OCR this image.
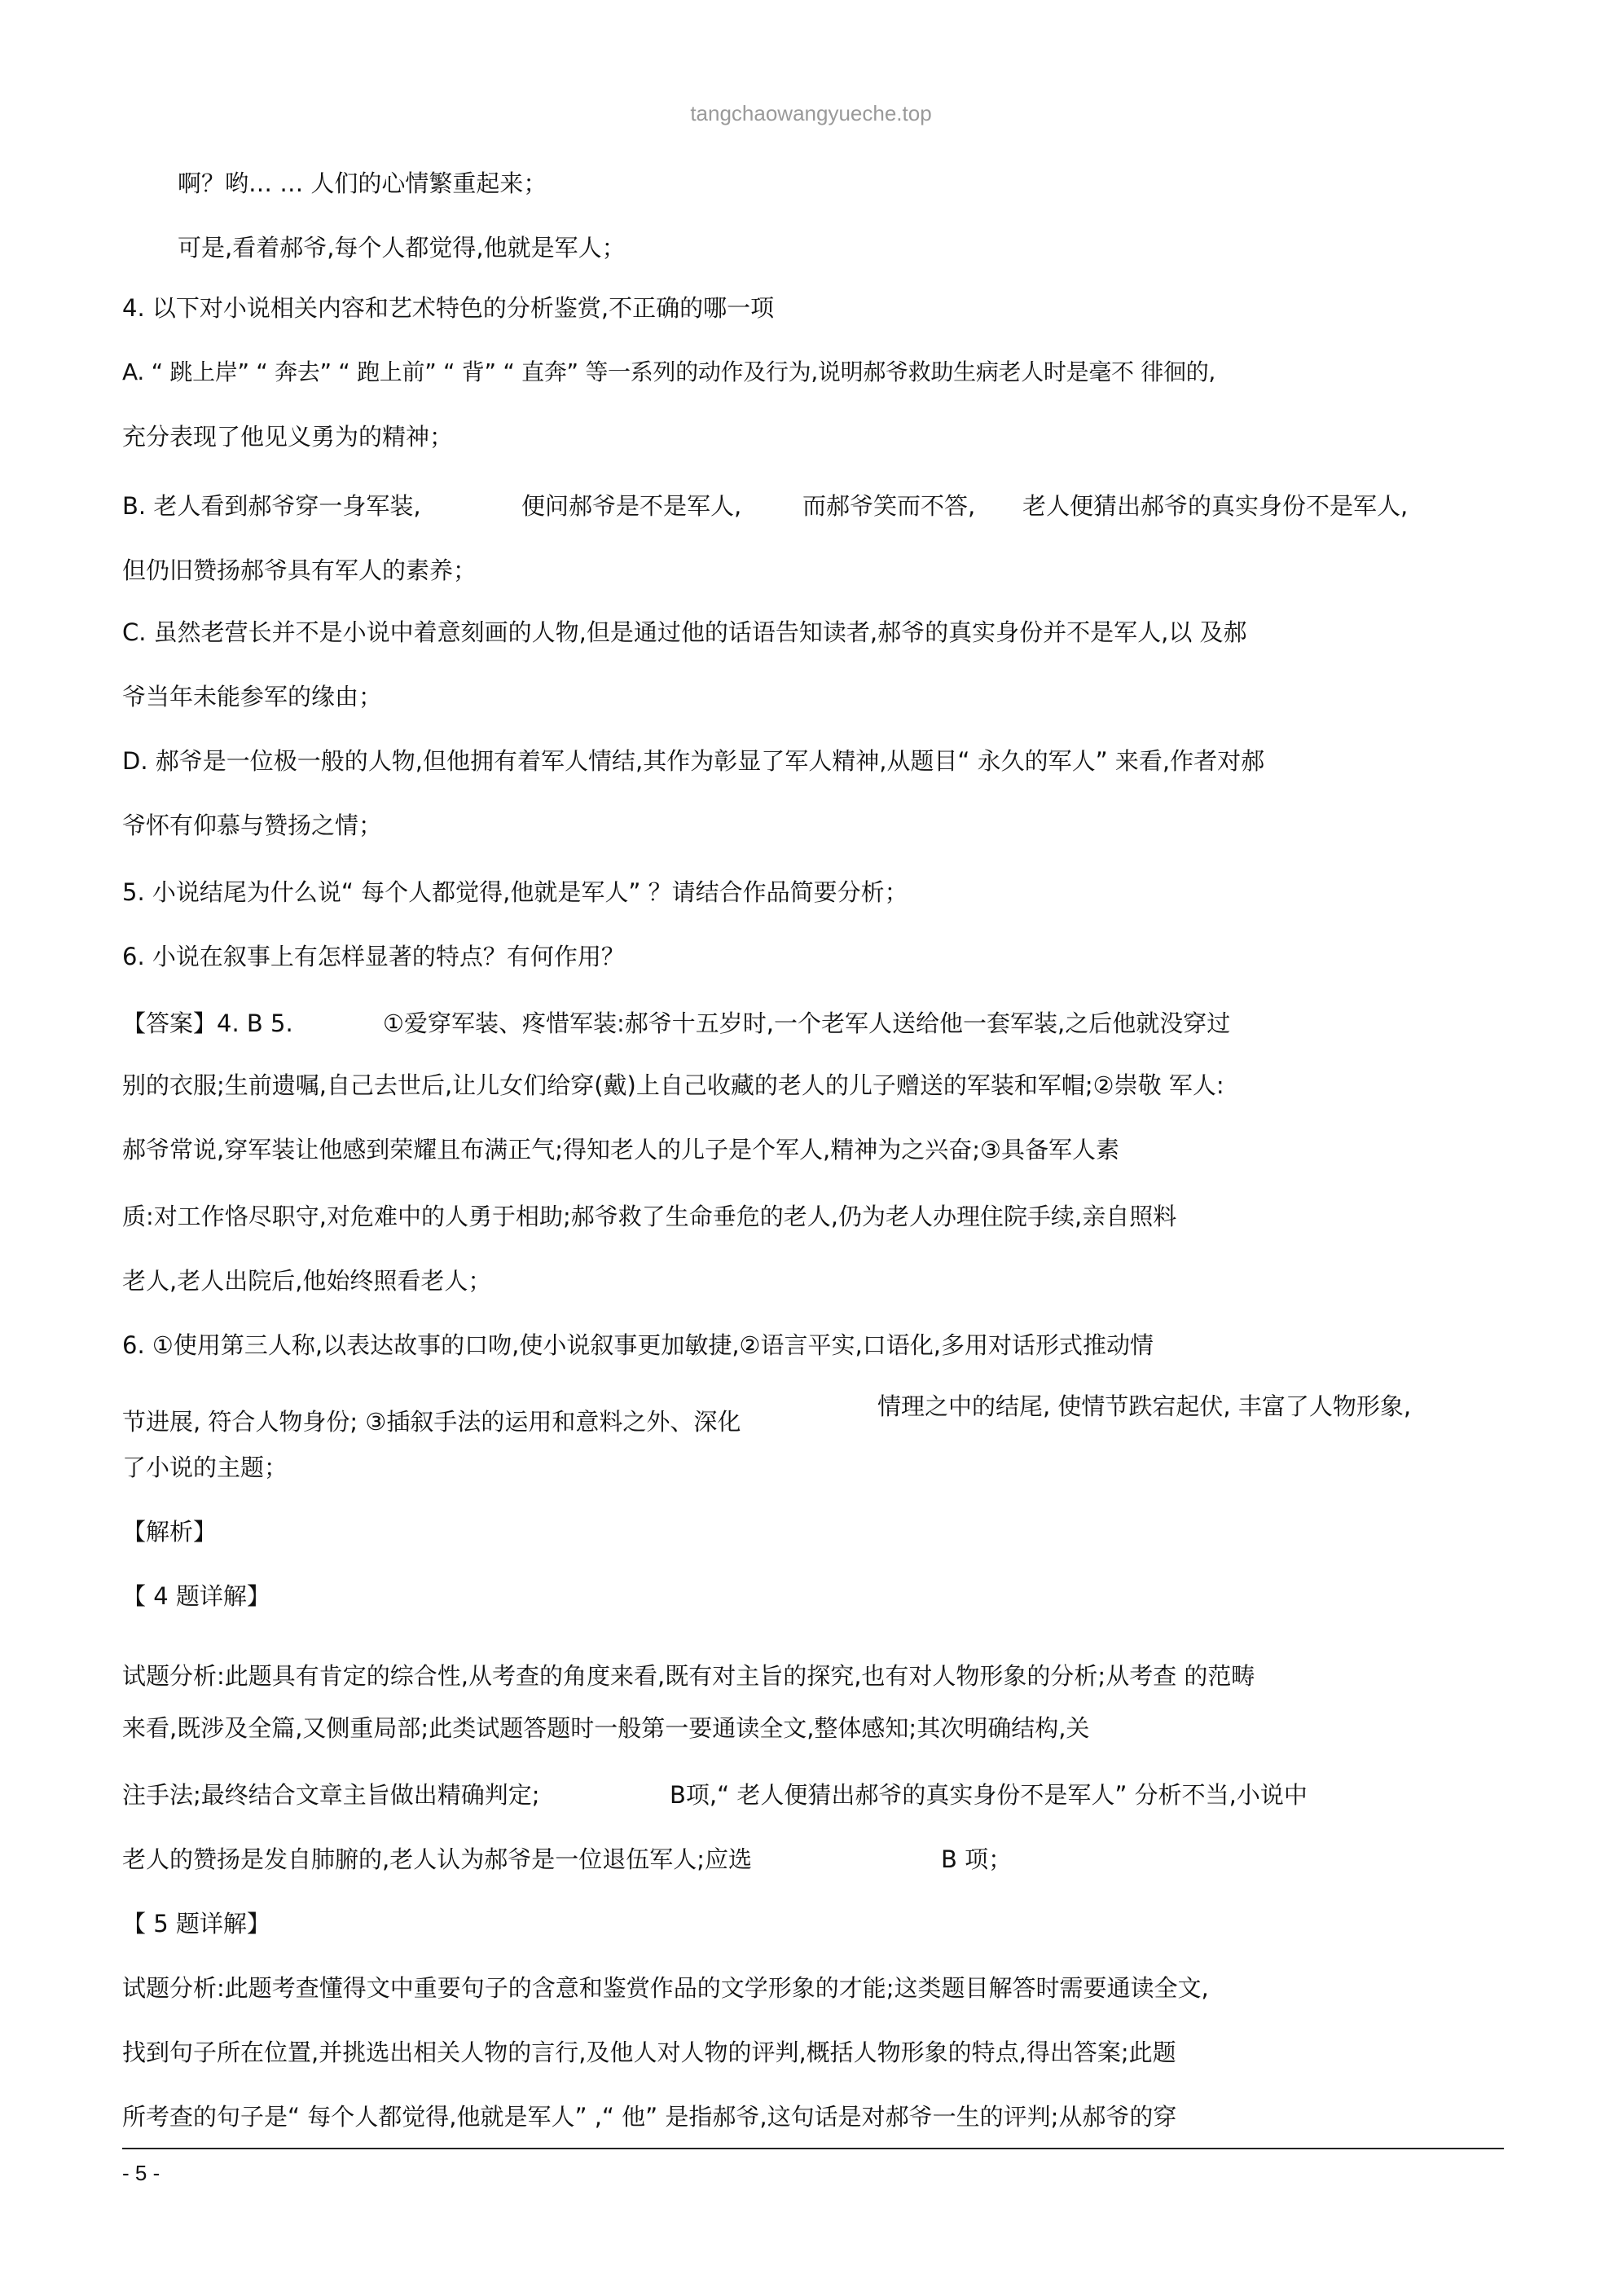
tangchaowangyueche.top
啊？哟… … 人们的心情繁重起来；
可是,看着郝爷,每个人都觉得,他就是军人；
4. 以下对小说相关内容和艺术特色的分析鉴赏,不正确的哪一项
A. “ 跳上岸” “ 奔去” “ 跑上前” “ 背” “ 直奔” 等一系列的动作及行为,说明郝爷救助生病老人时是毫不 徘徊的,
充分表现了他见义勇为的精神；
B. 老人看到郝爷穿一身军装,	便问郝爷是不是军人,	而郝爷笑而不答, 老人便猜出郝爷的真实身份不是军人,
但仍旧赞扬郝爷具有军人的素养；
C. 虽然老营长并不是小说中着意刻画的人物,但是通过他的话语告知读者,郝爷的真实身份并不是军人,以 及郝
爷当年未能参军的缘由；
D. 郝爷是一位极一般的人物,但他拥有着军人情结,其作为彰显了军人精神,从题目“ 永久的军人” 来看,作者对郝
爷怀有仰慕与赞扬之情；
5. 小说结尾为什么说“ 每个人都觉得,他就是军人” ？请结合作品简要分析；
6. 小说在叙事上有怎样显著的特点？有何作用？
【答案】4. B 5.	①爱穿军装、疼惜军装:郝爷十五岁时,一个老军人送给他一套军装,之后他就没穿过
别的衣服;生前遗嘱,自己去世后,让儿女们给穿(戴)上自己收藏的老人的儿子赠送的军装和军帽;②崇敬 军人:
郝爷常说,穿军装让他感到荣耀且布满正气;得知老人的儿子是个军人,精神为之兴奋;③具备军人素
质:对工作恪尽职守,对危难中的人勇于相助;郝爷救了生命垂危的老人,仍为老人办理住院手续,亲自照料
老人,老人出院后,他始终照看老人；
6. ①使用第三人称,以表达故事的口吻,使小说叙事更加敏捷,②语言平实,口语化,多用对话形式推动情
节进展, 符合人物身份; ③插叙手法的运用和意料之外、深化
情理之中的结尾, 使情节跌宕起伏, 丰富了人物形象,
了小说的主题；
【解析】
【 4 题详解】
试题分析:此题具有肯定的综合性,从考查的角度来看,既有对主旨的探究,也有对人物形象的分析;从考查 的范畴
来看,既涉及全篇,又侧重局部;此类试题答题时一般第一要通读全文,整体感知;其次明确结构,关
注手法;最终结合文章主旨做出精确判定;	B项,“ 老人便猜出郝爷的真实身份不是军人” 分析不当,小说中
老人的赞扬是发自肺腑的,老人认为郝爷是一位退伍军人;应选	B 项；
【 5 题详解】
试题分析:此题考查懂得文中重要句子的含意和鉴赏作品的文学形象的才能;这类题目解答时需要通读全文,
找到句子所在位置,并挑选出相关人物的言行,及他人对人物的评判,概括人物形象的特点,得出答案;此题
所考查的句子是“ 每个人都觉得,他就是军人” ,“ 他” 是指郝爷,这句话是对郝爷一生的评判;从郝爷的穿
- 5 -
